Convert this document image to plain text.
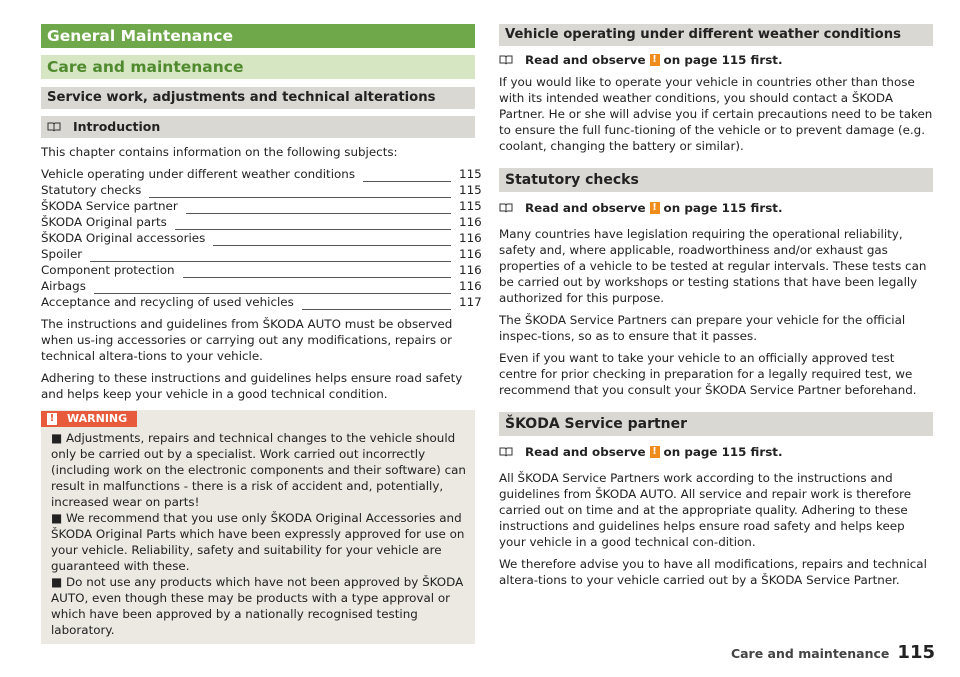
General Maintenance
Care and maintenance
Service work, adjustments and technical alterations
Introduction

This chapter contains information on the following subjects:

Vehicle operating under different weather conditions	115
Statutory checks	115
ŠKODA Service partner	115
ŠKODA Original parts	116
ŠKODA Original accessories	116
Spoiler	116
Component protection	116
Airbags	116
Acceptance and recycling of used vehicles	117

The instructions and guidelines from ŠKODA AUTO must be observed when us-ing accessories or carrying out any modifications, repairs or technical altera-tions to your vehicle.

Adhering to these instructions and guidelines helps ensure road safety and helps keep your vehicle in a good technical condition.

! WARNING

■ Adjustments, repairs and technical changes to the vehicle should only be carried out by a specialist. Work carried out incorrectly (including work on the electronic components and their software) can result in malfunctions - there is a risk of accident and, potentially, increased wear on parts!

■ We recommend that you use only ŠKODA Original Accessories and ŠKODA Original Parts which have been expressly approved for use on your vehicle. Reliability, safety and suitability for your vehicle are guaranteed with these.

■ Do not use any products which have not been approved by ŠKODA AUTO, even though these may be products with a type approval or which have been approved by a nationally recognised testing laboratory.

Vehicle operating under different weather conditions
Read and observe ! on page 115 first.

If you would like to operate your vehicle in countries other than those with its intended weather conditions, you should contact a ŠKODA Partner. He or she will advise you if certain precautions need to be taken to ensure the full func-tioning of the vehicle or to prevent damage (e.g. coolant, changing the battery or similar).

Statutory checks
Read and observe ! on page 115 first.

Many countries have legislation requiring the operational reliability, safety and, where applicable, roadworthiness and/or exhaust gas properties of a vehicle to be tested at regular intervals. These tests can be carried out by workshops or testing stations that have been legally authorized for this purpose.

The ŠKODA Service Partners can prepare your vehicle for the official inspec-tions, so as to ensure that it passes.

Even if you want to take your vehicle to an officially approved test centre for prior checking in preparation for a legally required test, we recommend that you consult your ŠKODA Service Partner beforehand.

ŠKODA Service partner
Read and observe ! on page 115 first.

All ŠKODA Service Partners work according to the instructions and guidelines from ŠKODA AUTO. All service and repair work is therefore carried out on time and at the appropriate quality. Adhering to these instructions and guidelines helps ensure road safety and helps keep your vehicle in a good technical con-dition.

We therefore advise you to have all modifications, repairs and technical altera-tions to your vehicle carried out by a ŠKODA Service Partner.

Care and maintenance 115
